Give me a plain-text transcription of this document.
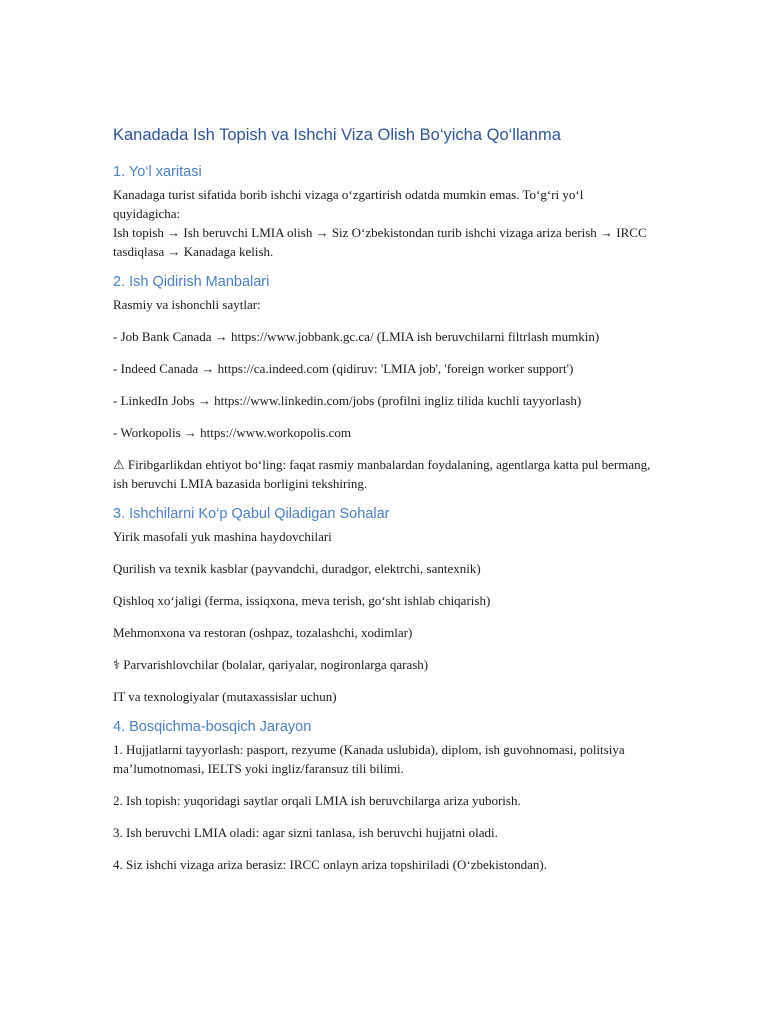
Kanadada Ish Topish va Ishchi Viza Olish Bo‘yicha Qo‘llanma
1. Yo‘l xaritasi

Kanadaga turist sifatida borib ishchi vizaga o‘zgartirish odatda mumkin emas. To‘g‘ri yo‘l quyidagicha:

Ish topish → Ish beruvchi LMIA olish → Siz O‘zbekistondan turib ishchi vizaga ariza berish → IRCC tasdiqlasa → Kanadaga kelish.

2. Ish Qidirish Manbalari

Rasmiy va ishonchli saytlar:

- Job Bank Canada → https://www.jobbank.gc.ca/ (LMIA ish beruvchilarni filtrlash mumkin)

- Indeed Canada → https://ca.indeed.com (qidiruv: 'LMIA job', 'foreign worker support')

- LinkedIn Jobs → https://www.linkedin.com/jobs (profilni ingliz tilida kuchli tayyorlash)

- Workopolis → https://www.workopolis.com

⚠ Firibgarlikdan ehtiyot bo‘ling: faqat rasmiy manbalardan foydalaning, agentlarga katta pul bermang, ish beruvchi LMIA bazasida borligini tekshiring.

3. Ishchilarni Ko‘p Qabul Qiladigan Sohalar

Yirik masofali yuk mashina haydovchilari

Qurilish va texnik kasblar (payvandchi, duradgor, elektrchi, santexnik)

Qishloq xo‘jaligi (ferma, issiqxona, meva terish, go‘sht ishlab chiqarish)

Mehmonxona va restoran (oshpaz, tozalashchi, xodimlar)

⚕ Parvarishlovchilar (bolalar, qariyalar, nogironlarga qarash)

IT va texnologiyalar (mutaxassislar uchun)

4. Bosqichma-bosqich Jarayon

1. Hujjatlarni tayyorlash: pasport, rezyume (Kanada uslubida), diplom, ish guvohnomasi, politsiya ma’lumotnomasi, IELTS yoki ingliz/faransuz tili bilimi.

2. Ish topish: yuqoridagi saytlar orqali LMIA ish beruvchilarga ariza yuborish.

3. Ish beruvchi LMIA oladi: agar sizni tanlasa, ish beruvchi hujjatni oladi.

4. Siz ishchi vizaga ariza berasiz: IRCC onlayn ariza topshiriladi (O‘zbekistondan).
